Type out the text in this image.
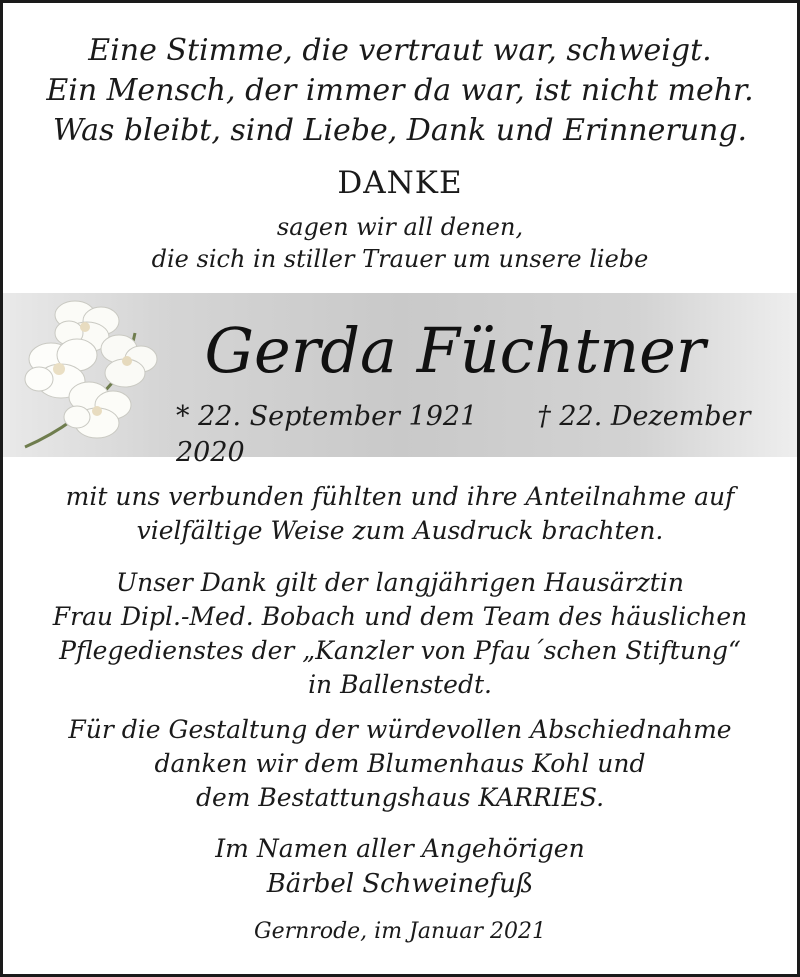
Eine Stimme, die vertraut war, schweigt.
Ein Mensch, der immer da war, ist nicht mehr.
Was bleibt, sind Liebe, Dank und Erinnerung.
DANKE
sagen wir all denen,
die sich in stiller Trauer um unsere liebe
Gerda Füchtner
* 22. September 1921 † 22. Dezember 2020
mit uns verbunden fühlten und ihre Anteilnahme auf
vielfältige Weise zum Ausdruck brachten.
Unser Dank gilt der langjährigen Hausärztin
Frau Dipl.-Med. Bobach und dem Team des häuslichen
Pflegedienstes der „Kanzler von Pfau´schen Stiftung“
in Ballenstedt.
Für die Gestaltung der würdevollen Abschiednahme
danken wir dem Blumenhaus Kohl und
dem Bestattungshaus KARRIES.
Im Namen aller Angehörigen
Bärbel Schweinefuß
Gernrode, im Januar 2021
